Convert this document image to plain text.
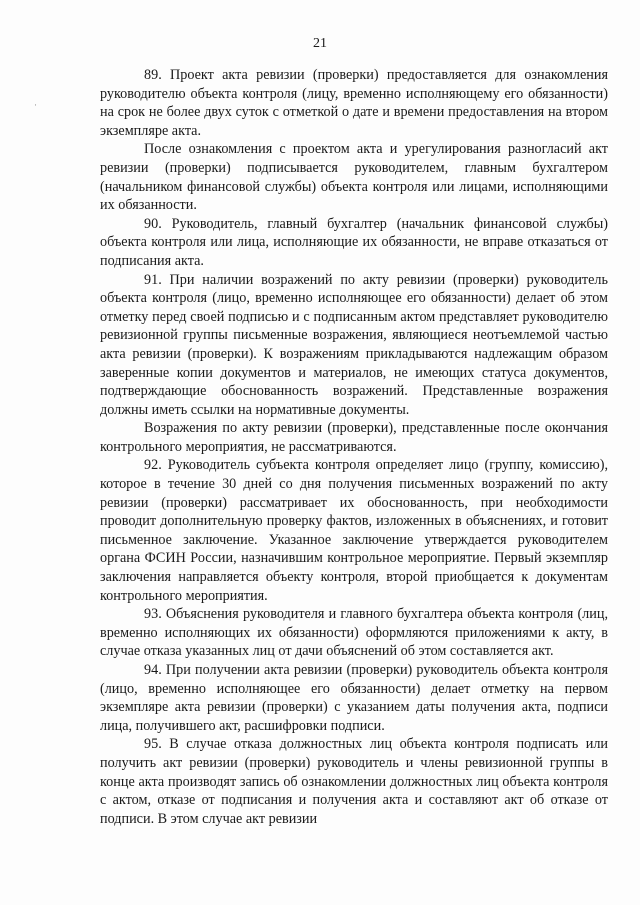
21
·

89. Проект акта ревизии (проверки) предоставляется для ознакомления руководителю объекта контроля (лицу, временно исполняющему его обязанности) на срок не более двух суток с отметкой о дате и времени предоставления на втором экземпляре акта.

После ознакомления с проектом акта и урегулирования разногласий акт ревизии (проверки) подписывается руководителем, главным бухгалтером (начальником финансовой службы) объекта контроля или лицами, исполняющими их обязанности.

90. Руководитель, главный бухгалтер (начальник финансовой службы) объекта контроля или лица, исполняющие их обязанности, не вправе отказаться от подписания акта.

91. При наличии возражений по акту ревизии (проверки) руководитель объекта контроля (лицо, временно исполняющее его обязанности) делает об этом отметку перед своей подписью и с подписанным актом представляет руководителю ревизионной группы письменные возражения, являющиеся неотъемлемой частью акта ревизии (проверки). К возражениям прикладываются надлежащим образом заверенные копии документов и материалов, не имеющих статуса документов, подтверждающие обоснованность возражений. Представленные возражения должны иметь ссылки на нормативные документы.

Возражения по акту ревизии (проверки), представленные после окончания контрольного мероприятия, не рассматриваются.

92. Руководитель субъекта контроля определяет лицо (группу, комиссию), которое в течение 30 дней со дня получения письменных возражений по акту ревизии (проверки) рассматривает их обоснованность, при необходимости проводит дополнительную проверку фактов, изложенных в объяснениях, и готовит письменное заключение. Указанное заключение утверждается руководителем органа ФСИН России, назначившим контрольное мероприятие. Первый экземпляр заключения направляется объекту контроля, второй приобщается к документам контрольного мероприятия.

93. Объяснения руководителя и главного бухгалтера объекта контроля (лиц, временно исполняющих их обязанности) оформляются приложениями к акту, в случае отказа указанных лиц от дачи объяснений об этом составляется акт.

94. При получении акта ревизии (проверки) руководитель объекта контроля (лицо, временно исполняющее его обязанности) делает отметку на первом экземпляре акта ревизии (проверки) с указанием даты получения акта, подписи лица, получившего акт, расшифровки подписи.

95. В случае отказа должностных лиц объекта контроля подписать или получить акт ревизии (проверки) руководитель и члены ревизионной группы в конце акта производят запись об ознакомлении должностных лиц объекта контроля с актом, отказе от подписания и получения акта и составляют акт об отказе от подписи. В этом случае акт ревизии
